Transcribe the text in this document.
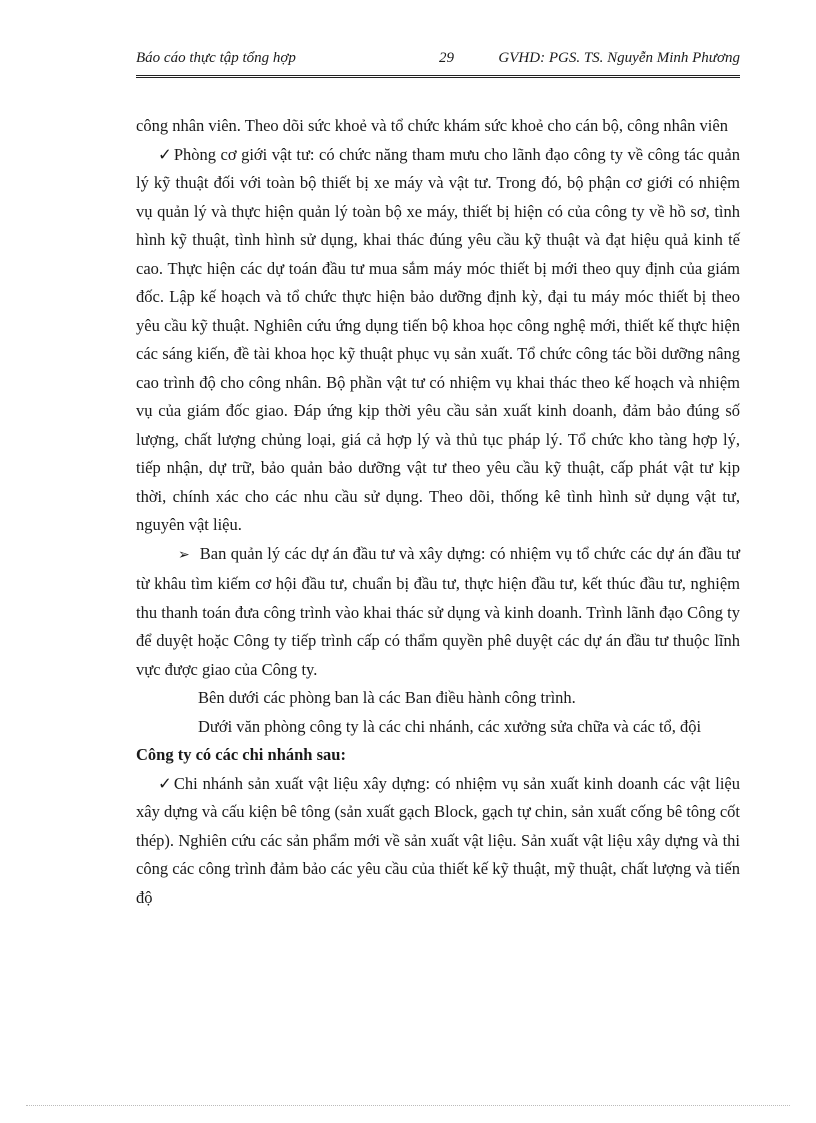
Báo cáo thực tập tổng hợp	29	GVHD: PGS. TS. Nguyễn Minh Phương

công nhân viên. Theo dõi sức khoẻ và tổ chức khám sức khoẻ cho cán bộ, công nhân viên

✓ Phòng cơ giới vật tư: có chức năng tham mưu cho lãnh đạo công ty về công tác quản lý kỹ thuật đối với toàn bộ thiết bị xe máy và vật tư. Trong đó, bộ phận cơ giới có nhiệm vụ quản lý và thực hiện quản lý toàn bộ xe máy, thiết bị hiện có của công ty về hồ sơ, tình hình kỹ thuật, tình hình sử dụng, khai thác đúng yêu cầu kỹ thuật và đạt hiệu quả kinh tế cao. Thực hiện các dự toán đầu tư mua sắm máy móc thiết bị mới theo quy định của giám đốc. Lập kế hoạch và tổ chức thực hiện bảo dưỡng định kỳ, đại tu máy móc thiết bị theo yêu cầu kỹ thuật. Nghiên cứu ứng dụng tiến bộ khoa học công nghệ mới, thiết kế thực hiện các sáng kiến, đề tài khoa học kỹ thuật phục vụ sản xuất. Tổ chức công tác bồi dưỡng nâng cao trình độ cho công nhân. Bộ phần vật tư có nhiệm vụ khai thác theo kế hoạch và nhiệm vụ của giám đốc giao. Đáp ứng kịp thời yêu cầu sản xuất kinh doanh, đảm bảo đúng số lượng, chất lượng chủng loại, giá cả hợp lý và thủ tục pháp lý. Tổ chức kho tàng hợp lý, tiếp nhận, dự trữ, bảo quản bảo dưỡng vật tư theo yêu cầu kỹ thuật, cấp phát vật tư kịp thời, chính xác cho các nhu cầu sử dụng. Theo dõi, thống kê tình hình sử dụng vật tư, nguyên vật liệu.

➢ Ban quản lý các dự án đầu tư và xây dựng: có nhiệm vụ tổ chức các dự án đầu tư từ khâu tìm kiếm cơ hội đầu tư, chuẩn bị đầu tư, thực hiện đầu tư, kết thúc đầu tư, nghiệm thu thanh toán đưa công trình vào khai thác sử dụng và kinh doanh. Trình lãnh đạo Công ty để duyệt hoặc Công ty tiếp trình cấp có thẩm quyền phê duyệt các dự án đầu tư thuộc lĩnh vực được giao của Công ty.

Bên dưới các phòng ban là các Ban điều hành công trình.

Dưới văn phòng công ty là các chi nhánh, các xưởng sửa chữa và các tổ, đội

Công ty có các chi nhánh sau:

✓ Chi nhánh sản xuất vật liệu xây dựng: có nhiệm vụ sản xuất kinh doanh các vật liệu xây dựng và cấu kiện bê tông (sản xuất gạch Block, gạch tự chin, sản xuất cống bê tông cốt thép). Nghiên cứu các sản phẩm mới về sản xuất vật liệu. Sản xuất vật liệu xây dựng và thi công các công trình đảm bảo các yêu cầu của thiết kế kỹ thuật, mỹ thuật, chất lượng và tiến độ
